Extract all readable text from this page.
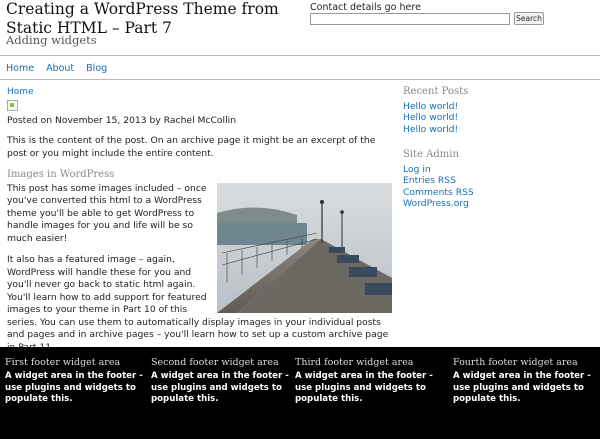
Creating a WordPress Theme from Static HTML – Part 7
Adding widgets
Contact details go here
Search
Home About Blog
Home
Posted on November 15, 2013 by Rachel McCollin

This is the content of the post. On an archive page it might be an excerpt of the post or you might include the entire content.

Images in WordPress

This post has some images included – once you've converted this html to a WordPress theme you'll be able to get WordPress to handle images for you and life will be so much easier!

It also has a featured image – again, WordPress will handle these for you and you'll never go back to static html again. You'll learn how to add support for featured images to your theme in Part 10 of this series. You can use them to automatically display images in your individual posts and pages and in archive pages – you'll learn how to set up a custom archive page

Recent Posts
Hello world!
Hello world!
Hello world!
Site Admin
Log in
Entries RSS
Comments RSS
WordPress.org
First footer widget area
A widget area in the footer - use plugins and widgets to populate this.
Second footer widget area
A widget area in the footer - use plugins and widgets to populate this.
Third footer widget area
A widget area in the footer - use plugins and widgets to populate this.
Fourth footer widget area
A widget area in the footer - use plugins and widgets to populate this.
